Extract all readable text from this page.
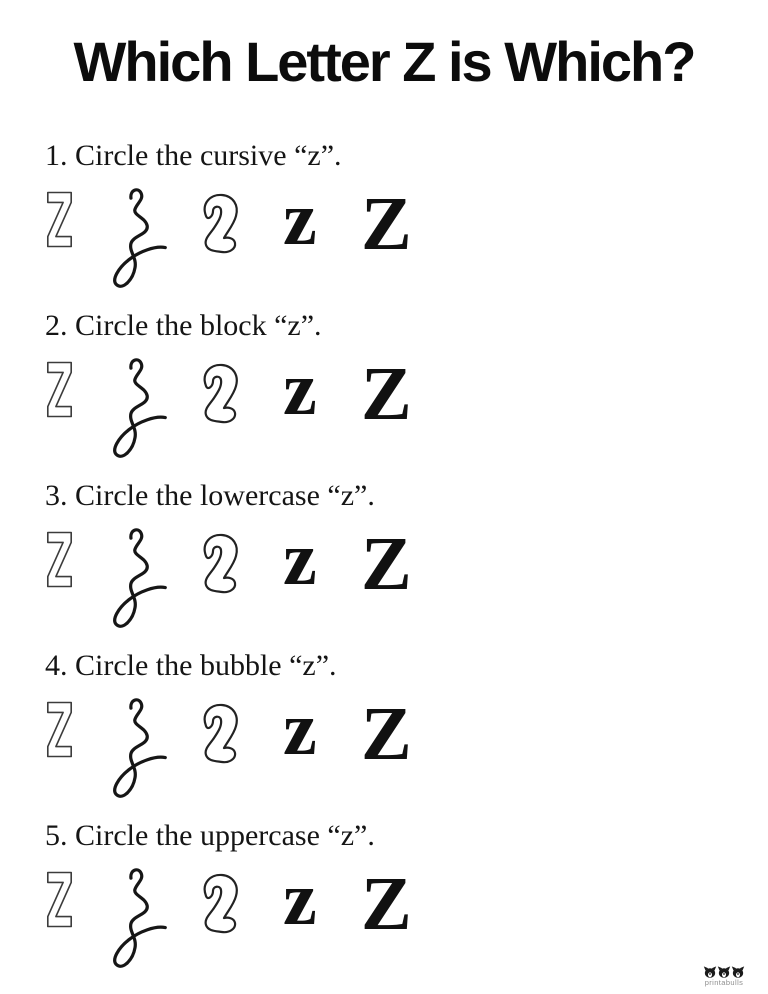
Which Letter Z is Which?

1. Circle the cursive “z”.

z Z

2. Circle the block “z”.

z Z

3. Circle the lowercase “z”.

z Z

4. Circle the bubble “z”.

z Z

5. Circle the uppercase “z”.

z Z
printabulls
